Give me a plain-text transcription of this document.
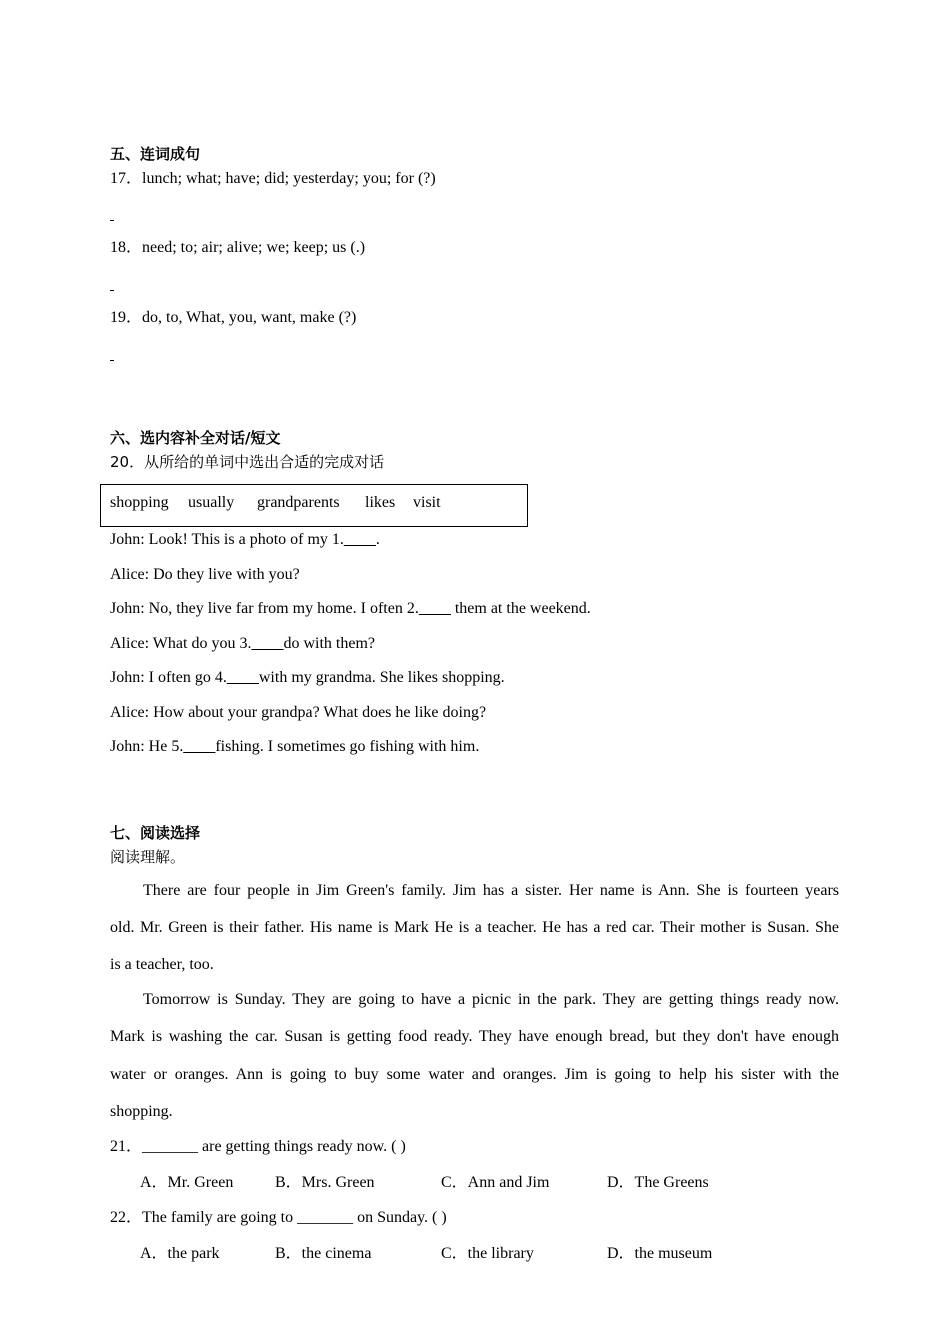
五、连词成句
17．lunch; what; have; did; yesterday; you; for (?)
18．need; to; air; alive; we; keep; us (.)
19．do, to, What, you, want, make (?)
六、选内容补全对话/短文
20．从所给的单词中选出合适的完成对话
shopping usually grandparents likes visit
John: Look! This is a photo of my 1.____.
Alice: Do they live with you?
John: No, they live far from my home. I often 2.____ them at the weekend.
Alice: What do you 3.____do with them?
John: I often go 4.____with my grandma. She likes shopping.
Alice: How about your grandpa? What does he like doing?
John: He 5.____fishing. I sometimes go fishing with him.
七、阅读选择
阅读理解。
There are four people in Jim Green's family. Jim has a sister. Her name is Ann. She is fourteen years
old. Mr. Green is their father. His name is Mark He is a teacher. He has a red car. Their mother is Susan. She
is a teacher, too.
Tomorrow is Sunday. They are going to have a picnic in the park. They are getting things ready now.
Mark is washing the car. Susan is getting food ready. They have enough bread, but they don't have enough
water or oranges. Ann is going to buy some water and oranges. Jim is going to help his sister with the
shopping.
21．_______ are getting things ready now. ( )
A．Mr. Green	B．Mrs. Green	C．Ann and Jim	D．The Greens
22．The family are going to _______ on Sunday. ( )
A．the park	B．the cinema	C．the library	D．the museum
